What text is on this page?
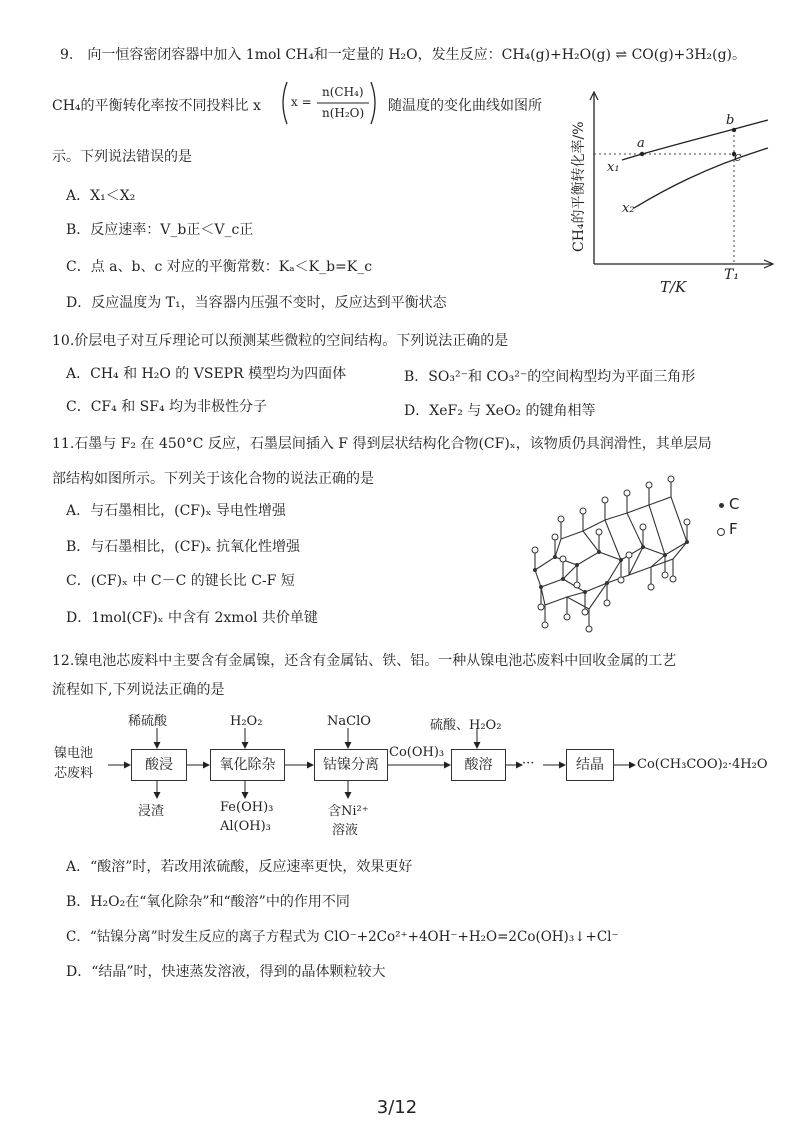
9.　向一恒容密闭容器中加入 1mol CH₄和一定量的 H₂O，发生反应：CH₄(g)+H₂O(g) ⇌ CO(g)+3H₂(g)。
CH₄的平衡转化率按不同投料比 x	x =
n(CH₄)
n(H₂O) 随温度的变化曲线如图所
示。下列说法错误的是
A．X₁＜X₂
B．反应速率：V_b正＜V_c正
C．点 a、b、c 对应的平衡常数：Kₐ＜K_b=K_c
D．反应温度为 T₁，当容器内压强不变时，反应达到平衡状态
CH₄的平衡转化率/%
T/K
T₁
a
b
c
x₁
x₂
10.价层电子对互斥理论可以预测某些微粒的空间结构。下列说法正确的是
A．CH₄ 和 H₂O 的 VSEPR 模型均为四面体	B．SO₃²⁻和 CO₃²⁻的空间构型均为平面三角形
C．CF₄ 和 SF₄ 均为非极性分子	D．XeF₂ 与 XeO₂ 的键角相等
11.石墨与 F₂ 在 450°C 反应，石墨层间插入 F 得到层状结构化合物(CF)ₓ，该物质仍具润滑性，其单层局
部结构如图所示。下列关于该化合物的说法正确的是
A．与石墨相比，(CF)ₓ 导电性增强
B．与石墨相比，(CF)ₓ 抗氧化性增强
C．(CF)ₓ 中 C－C 的键长比 C-F 短
D．1mol(CF)ₓ 中含有 2xmol 共价单键
C
F
12.镍电池芯废料中主要含有金属镍，还含有金属钴、铁、铝。一种从镍电池芯废料中回收金属的工艺
流程如下,下列说法正确的是
镍电池
芯废料
稀硫酸	H₂O₂	NaClO	硫酸、H₂O₂
酸浸	氧化除杂	钴镍分离	酸溶	结晶
Co(OH)₃
···	Co(CH₃COO)₂·4H₂O
浸渣	Fe(OH)₃
Al(OH)₃
含Ni²⁺
溶液
A．“酸溶”时，若改用浓硫酸，反应速率更快，效果更好
B．H₂O₂在“氧化除杂”和“酸溶”中的作用不同
C．“钴镍分离”时发生反应的离子方程式为 ClO⁻+2Co²⁺+4OH⁻+H₂O=2Co(OH)₃↓+Cl⁻
D．“结晶”时，快速蒸发溶液，得到的晶体颗粒较大
3/12
